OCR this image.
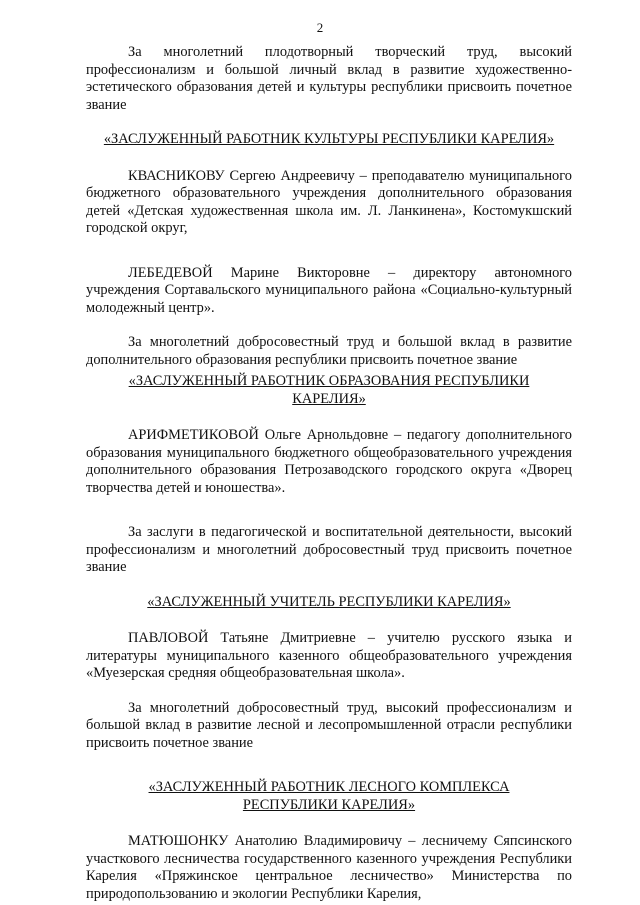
2

За многолетний плодотворный творческий труд, высокий профессионализм и большой личный вклад в развитие художественно-эстетического образования детей и культуры республики присвоить почетное звание

«ЗАСЛУЖЕННЫЙ РАБОТНИК КУЛЬТУРЫ РЕСПУБЛИКИ КАРЕЛИЯ»

КВАСНИКОВУ Сергею Андреевичу – преподавателю муниципального бюджетного образовательного учреждения дополнительного образования детей «Детская художественная школа им. Л. Ланкинена», Костомукшский городской округ,

ЛЕБЕДЕВОЙ Марине Викторовне – директору автономного учреждения Сортавальского муниципального района «Социально-культурный молодежный центр».

За многолетний добросовестный труд и большой вклад в развитие дополнительного образования республики присвоить почетное звание

«ЗАСЛУЖЕННЫЙ РАБОТНИК ОБРАЗОВАНИЯ РЕСПУБЛИКИ КАРЕЛИЯ»

АРИФМЕТИКОВОЙ Ольге Арнольдовне – педагогу дополнительного образования муниципального бюджетного общеобразовательного учреждения дополнительного образования Петрозаводского городского округа «Дворец творчества детей и юношества».

За заслуги в педагогической и воспитательной деятельности, высокий профессионализм и многолетний добросовестный труд присвоить почетное звание

«ЗАСЛУЖЕННЫЙ УЧИТЕЛЬ РЕСПУБЛИКИ КАРЕЛИЯ»

ПАВЛОВОЙ Татьяне Дмитриевне – учителю русского языка и литературы муниципального казенного общеобразовательного учреждения «Муезерская средняя общеобразовательная школа».

За многолетний добросовестный труд, высокий профессионализм и большой вклад в развитие лесной и лесопромышленной отрасли республики присвоить почетное звание

«ЗАСЛУЖЕННЫЙ РАБОТНИК ЛЕСНОГО КОМПЛЕКСА РЕСПУБЛИКИ КАРЕЛИЯ»

МАТЮШОНКУ Анатолию Владимировичу – лесничему Сяпсинского участкового лесничества государственного казенного учреждения Республики Карелия «Пряжинское центральное лесничество» Министерства по природопользованию и экологии Республики Карелия,
